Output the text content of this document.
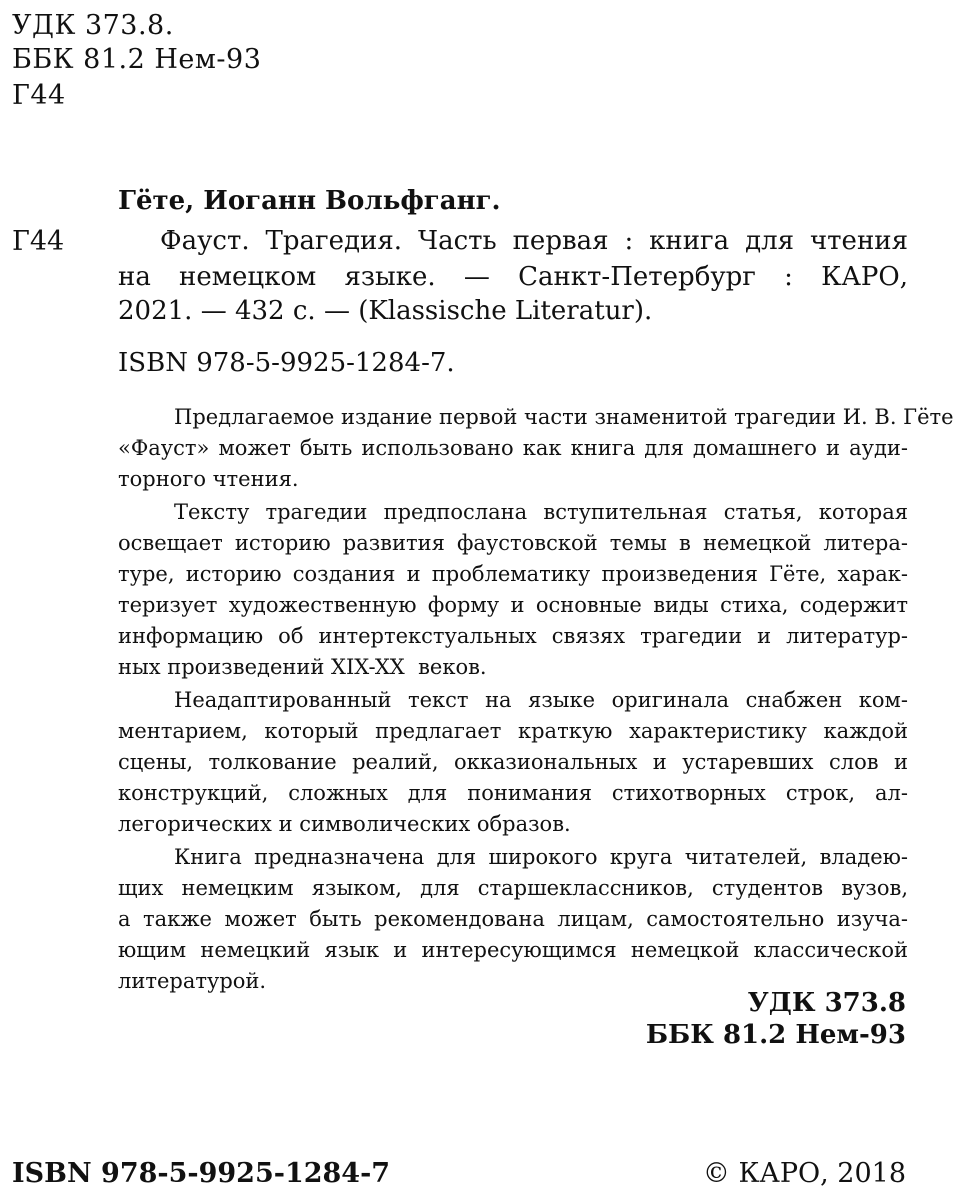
УДК 373.8.

ББК 81.2 Нем-93

Г44

Гёте, Иоганн Вольфганг.

Г44	Фауст. Трагедия. Часть первая : книга для чтения

на немецком языке. — Санкт-Петербург : КАРО,

2021. — 432 с. — (Klassische Literatur).

ISBN 978-5-9925-1284-7.

Предлагаемое издание первой части знаменитой трагедии И. В. Гёте
«Фауст» может быть использовано как книга для домашнего и ауди-
торного чтения.
Тексту трагедии предпослана вступительная статья, которая
освещает историю развития фаустовской темы в немецкой литера-
туре, историю создания и проблематику произведения Гёте, харак-
теризует художественную форму и основные виды стиха, содержит
информацию об интертекстуальных связях трагедии и литератур-
ных произведений XIX-XX  веков.
Неадаптированный текст на языке оригинала снабжен ком-
ментарием, который предлагает краткую характеристику каждой
сцены, толкование реалий, окказиональных и устаревших слов и
конструкций, сложных для понимания стихотворных строк, ал-
легорических и символических образов.
Книга предназначена для широкого круга читателей, владею-
щих немецким языком, для старшеклассников, студентов вузов,
а также может быть рекомендована лицам, самостоятельно изуча-
ющим немецкий язык и интересующимся немецкой классической
литературой.

УДК 373.8

ББК 81.2 Нем-93

ISBN 978-5-9925-1284-7	© КАРО, 2018
